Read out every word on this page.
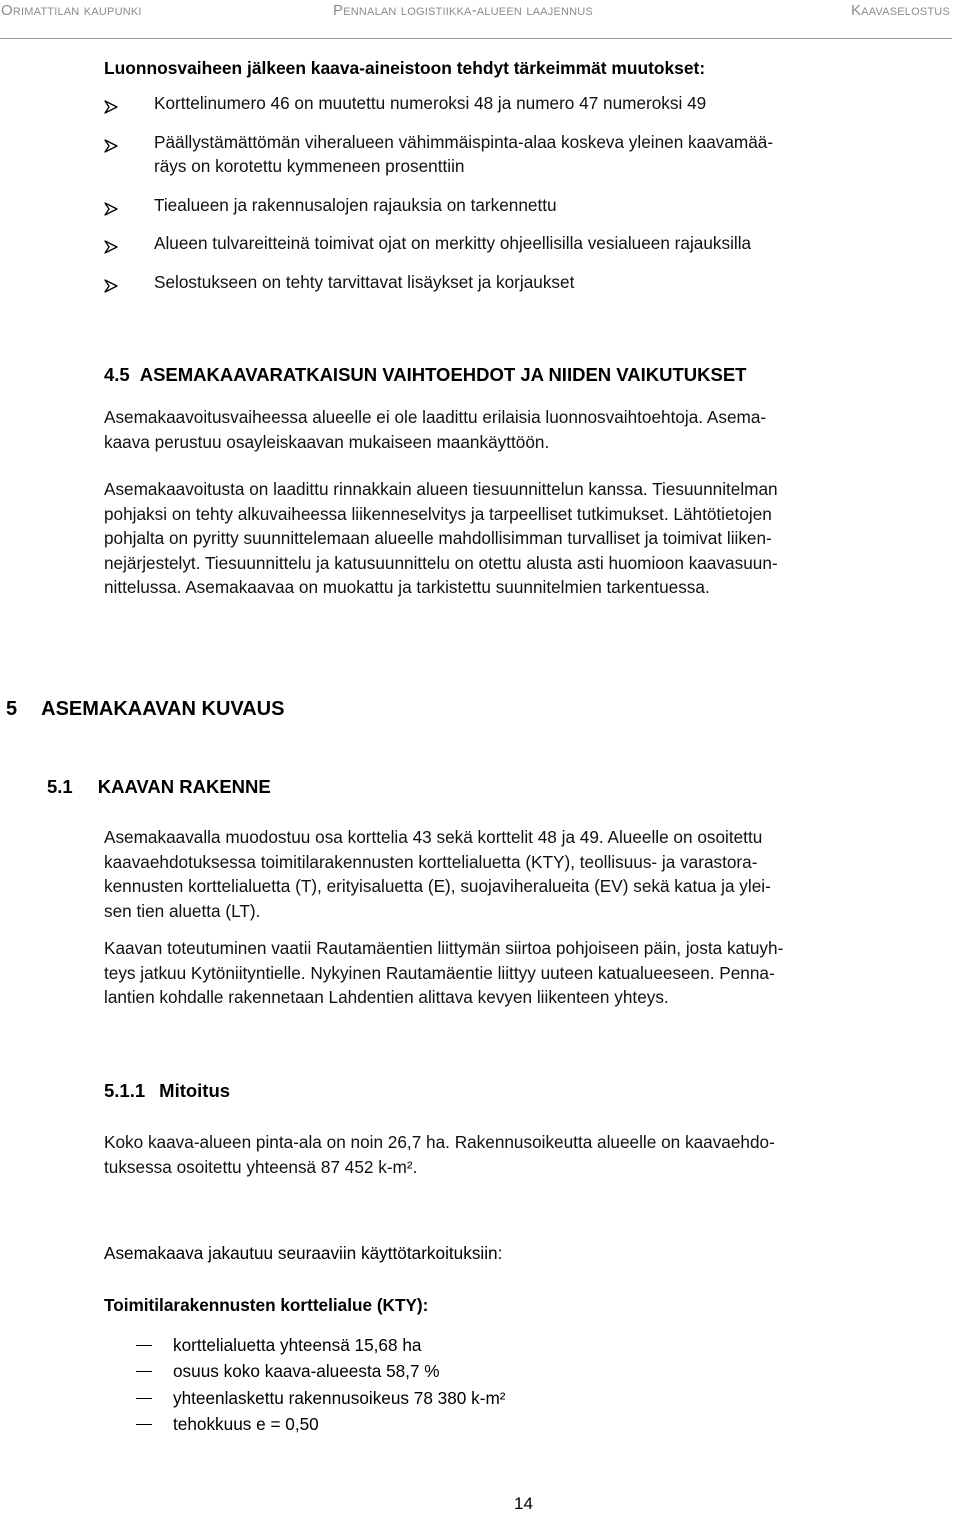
Orimattilan kaupunki	Pennalan logistiikka-alueen laajennus	Kaavaselostus
Luonnosvaiheen jälkeen kaava-aineistoon tehdyt tärkeimmät muutokset:
Korttelinumero 46 on muutettu numeroksi 48 ja numero 47 numeroksi 49
Päällystämättömän viheralueen vähimmäispinta-alaa koskeva yleinen kaavamää-
räys on korotettu kymmeneen prosenttiin
Tiealueen ja rakennusalojen rajauksia on tarkennettu
Alueen tulvareitteinä toimivat ojat on merkitty ohjeellisilla vesialueen rajauksilla
Selostukseen on tehty tarvittavat lisäykset ja korjaukset
4.5 ASEMAKAAVARATKAISUN VAIHTOEHDOT JA NIIDEN VAIKUTUKSET
Asemakaavoitusvaiheessa alueelle ei ole laadittu erilaisia luonnosvaihtoehtoja. Asema-
kaava perustuu osayleiskaavan mukaiseen maankäyttöön.
Asemakaavoitusta on laadittu rinnakkain alueen tiesuunnittelun kanssa. Tiesuunnitelman
pohjaksi on tehty alkuvaiheessa liikenneselvitys ja tarpeelliset tutkimukset. Lähtötietojen
pohjalta on pyritty suunnittelemaan alueelle mahdollisimman turvalliset ja toimivat liiken-
nejärjestelyt. Tiesuunnittelu ja katusuunnittelu on otettu alusta asti huomioon kaavasuun-
nittelussa. Asemakaavaa on muokattu ja tarkistettu suunnitelmien tarkentuessa.
5 ASEMAKAAVAN KUVAUS
5.1 KAAVAN RAKENNE
Asemakaavalla muodostuu osa korttelia 43 sekä korttelit 48 ja 49. Alueelle on osoitettu
kaavaehdotuksessa toimitilarakennusten korttelialuetta (KTY), teollisuus- ja varastora-
kennusten korttelialuetta (T), erityisaluetta (E), suojaviheralueita (EV) sekä katua ja ylei-
sen tien aluetta (LT).
Kaavan toteutuminen vaatii Rautamäentien liittymän siirtoa pohjoiseen päin, josta katuyh-
teys jatkuu Kytöniityntielle. Nykyinen Rautamäentie liittyy uuteen katualueeseen. Penna-
lantien kohdalle rakennetaan Lahdentien alittava kevyen liikenteen yhteys.
5.1.1 Mitoitus
Koko kaava-alueen pinta-ala on noin 26,7 ha. Rakennusoikeutta alueelle on kaavaehdo-
tuksessa osoitettu yhteensä 87 452 k-m².
Asemakaava jakautuu seuraaviin käyttötarkoituksiin:
Toimitilarakennusten korttelialue (KTY):
korttelialuetta yhteensä 15,68 ha
osuus koko kaava-alueesta 58,7 %
yhteenlaskettu rakennusoikeus 78 380 k-m²
tehokkuus e = 0,50
14
